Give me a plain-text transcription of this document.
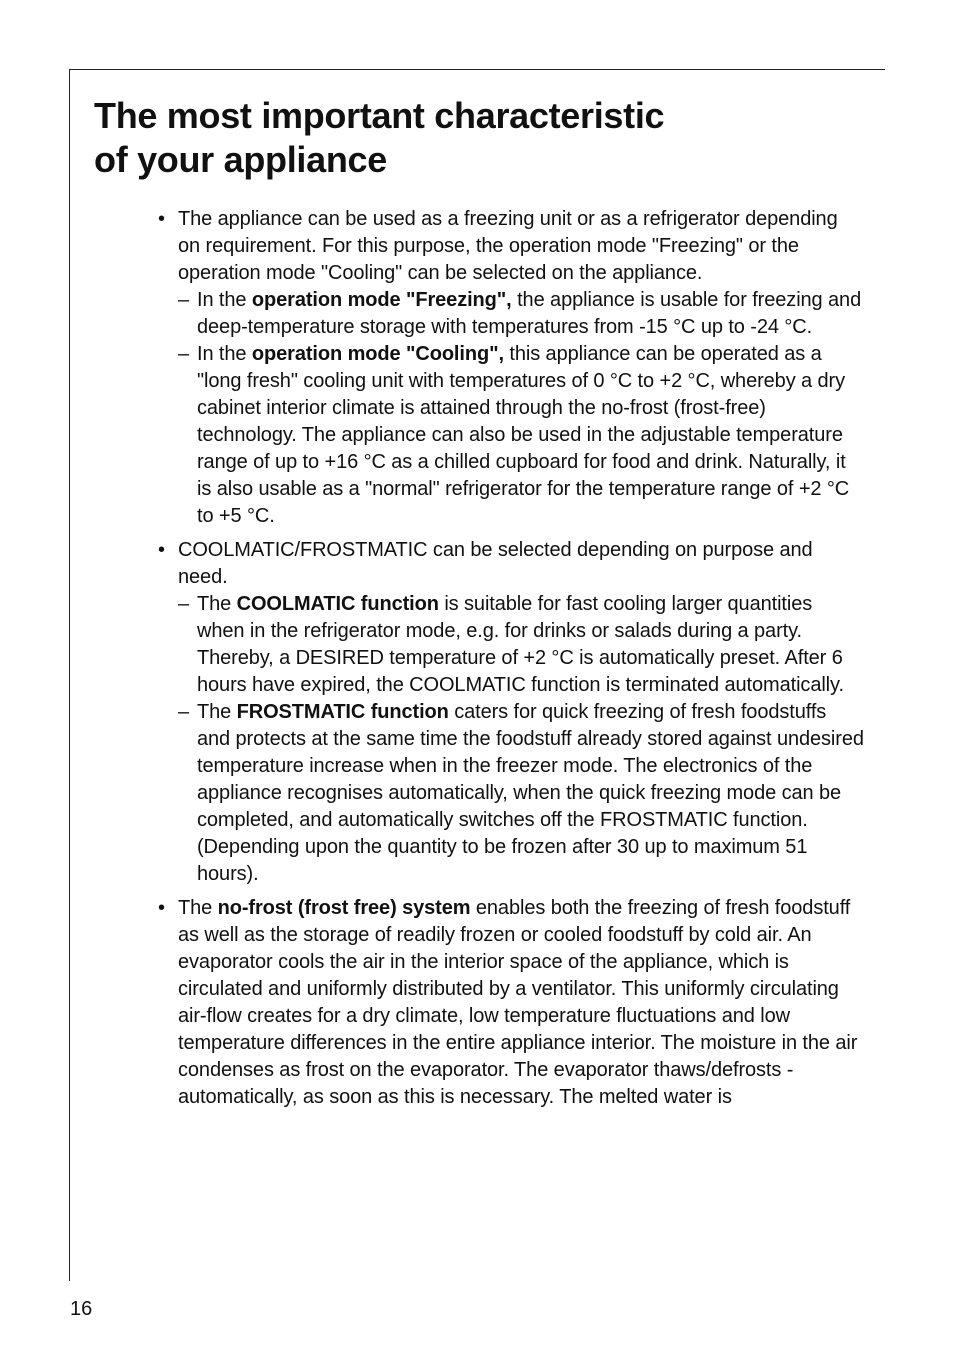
The most important characteristic
of your appliance
• The appliance can be used as a freezing unit or as a refrigerator depending on requirement. For this purpose, the operation mode "Freezing" or the operation mode "Cooling" can be selected on the appliance.
– In the operation mode "Freezing", the appliance is usable for freezing and deep-temperature storage with temperatures from -15 °C up to -24 °C.
– In the operation mode "Cooling", this appliance can be operated as a "long fresh" cooling unit with temperatures of 0 °C to +2 °C, whereby a dry cabinet interior climate is attained through the no-frost (frost-free) technology. The appliance can also be used in the adjustable temperature range of up to +16 °C as a chilled cupboard for food and drink. Naturally, it is also usable as a "normal" refrigerator for the temperature range of +2 °C to +5 °C.
• COOLMATIC/FROSTMATIC can be selected depending on purpose and need.
– The COOLMATIC function is suitable for fast cooling larger quantities when in the refrigerator mode, e.g. for drinks or salads during a party.
Thereby, a DESIRED temperature of +2 °C is automatically preset. After 6 hours have expired, the COOLMATIC function is terminated automatically.
– The FROSTMATIC function caters for quick freezing of fresh foodstuffs and protects at the same time the foodstuff already stored against undesired temperature increase when in the freezer mode. The electronics of the appliance recognises automatically, when the quick freezing mode can be completed, and automatically switches off the FROSTMATIC function.(Depending upon the quantity to be frozen after 30 up to maximum 51 hours).
• The no-frost (frost free) system enables both the freezing of fresh foodstuff as well as the storage of readily frozen or cooled foodstuff by cold air. An evaporator cools the air in the interior space of the appliance, which is circulated and uniformly distributed by a ventilator. This uniformly circulating air-flow creates for a dry climate, low temperature fluctuations and low temperature differences in the entire appliance interior. The moisture in the air condenses as frost on the evaporator. The evaporator thaws/defrosts - automatically, as soon as this is necessary. The melted water is
16
